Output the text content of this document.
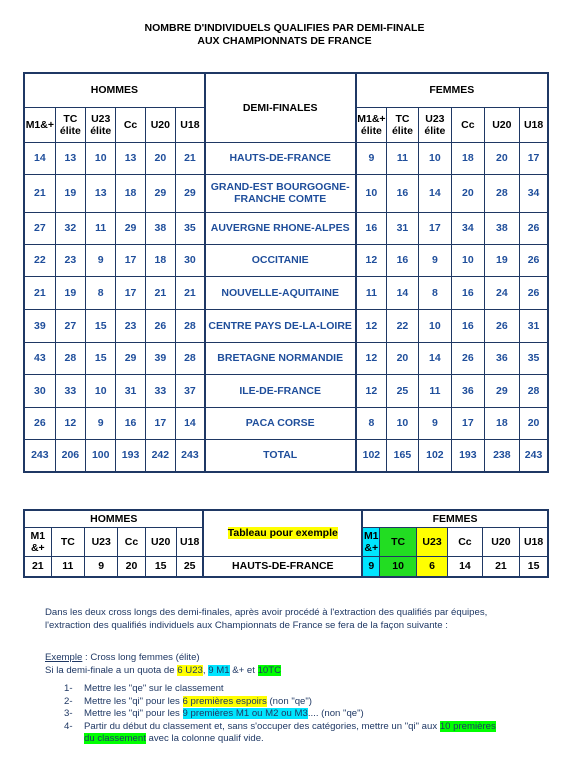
NOMBRE D'INDIVIDUELS QUALIFIES PAR DEMI-FINALE
AUX CHAMPIONNATS DE FRANCE
HOMMES						DEMI-FINALES	FEMMES					
M1&+	TC élite	U23 élite	Cc	U20	U18		M1&+ élite	TC élite	U23 élite	Cc	U20	U18
14	13	10	13	20	21	HAUTS-DE-FRANCE	9	11	10	18	20	17
21	19	13	18	29	29	GRAND-EST BOURGOGNE-FRANCHE COMTE	10	16	14	20	28	34
27	32	11	29	38	35	AUVERGNE RHONE-ALPES	16	31	17	34	38	26
22	23	9	17	18	30	OCCITANIE	12	16	9	10	19	26
21	19	8	17	21	21	NOUVELLE-AQUITAINE	11	14	8	16	24	26
39	27	15	23	26	28	CENTRE PAYS DE-LA-LOIRE	12	22	10	16	26	31
43	28	15	29	39	28	BRETAGNE NORMANDIE	12	20	14	26	36	35
30	33	10	31	33	37	ILE-DE-FRANCE	12	25	11	36	29	28
26	12	9	16	17	14	PACA CORSE	8	10	9	17	18	20
243	206	100	193	242	243	TOTAL	102	165	102	193	238	243
HOMMES						Tableau pour exemple	FEMMES					
M1 &+	TC	U23	Cc	U20	U18		M1 &+	TC	U23	Cc	U20	U18
21	11	9	20	15	25	HAUTS-DE-FRANCE	9	10	6	14	21	15
Dans les deux cross longs des demi-finales, après avoir procédé à l'extraction des qualifiés par équipes,
l'extraction des qualifiés individuels aux Championnats de France se fera de la façon suivante :
Exemple : Cross long femmes (élite)
Si la demi-finale a un quota de 6 U23, 9 M1 &+ et 10TC
1-	Mettre les "qe" sur le classement
2-	Mettre les "qi" pour les 6 premières espoirs (non "qe")
3-	Mettre les "qi" pour les 9 premières M1 ou M2 ou M3.... (non "qe")
4-	Partir du début du classement et, sans s'occuper des catégories, mettre un "qi" aux 10 premières
du classement avec la colonne qualif vide.
